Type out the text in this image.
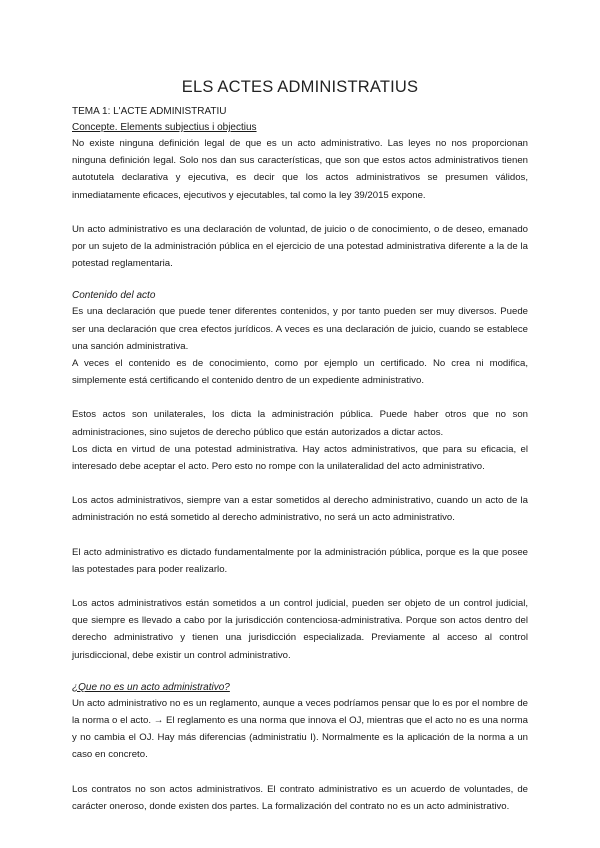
ELS ACTES ADMINISTRATIUS
TEMA 1: L'ACTE ADMINISTRATIU
Concepte. Elements subjectius i objectius

No existe ninguna definición legal de que es un acto administrativo. Las leyes no nos proporcionan ninguna definición legal. Solo nos dan sus características, que son que estos actos administrativos tienen autotutela declarativa y ejecutiva, es decir que los actos administrativos se presumen válidos, inmediatamente eficaces, ejecutivos y ejecutables, tal como la ley 39/2015 expone.

Un acto administrativo es una declaración de voluntad, de juicio o de conocimiento, o de deseo, emanado por un sujeto de la administración pública en el ejercicio de una potestad administrativa diferente a la de la potestad reglamentaria.

Contenido del acto

Es una declaración que puede tener diferentes contenidos, y por tanto pueden ser muy diversos. Puede ser una declaración que crea efectos jurídicos. A veces es una declaración de juicio, cuando se establece una sanción administrativa.

A veces el contenido es de conocimiento, como por ejemplo un certificado. No crea ni modifica, simplemente está certificando el contenido dentro de un expediente administrativo.

Estos actos son unilaterales, los dicta la administración pública. Puede haber otros que no son administraciones, sino sujetos de derecho público que están autorizados a dictar actos.

Los dicta en virtud de una potestad administrativa. Hay actos administrativos, que para su eficacia, el interesado debe aceptar el acto. Pero esto no rompe con la unilateralidad del acto administrativo.

Los actos administrativos, siempre van a estar sometidos al derecho administrativo, cuando un acto de la administración no está sometido al derecho administrativo, no será un acto administrativo.

El acto administrativo es dictado fundamentalmente por la administración pública, porque es la que posee las potestades para poder realizarlo.

Los actos administrativos están sometidos a un control judicial, pueden ser objeto de un control judicial, que siempre es llevado a cabo por la jurisdicción contenciosa-administrativa. Porque son actos dentro del derecho administrativo y tienen una jurisdicción especializada. Previamente al acceso al control jurisdiccional, debe existir un control administrativo.

¿Que no es un acto administrativo?

Un acto administrativo no es un reglamento, aunque a veces podríamos pensar que lo es por el nombre de la norma o el acto. → El reglamento es una norma que innova el OJ, mientras que el acto no es una norma y no cambia el OJ. Hay más diferencias (administratiu I). Normalmente es la aplicación de la norma a un caso en concreto.

Los contratos no son actos administrativos. El contrato administrativo es un acuerdo de voluntades, de carácter oneroso, donde existen dos partes. La formalización del contrato no es un acto administrativo.
